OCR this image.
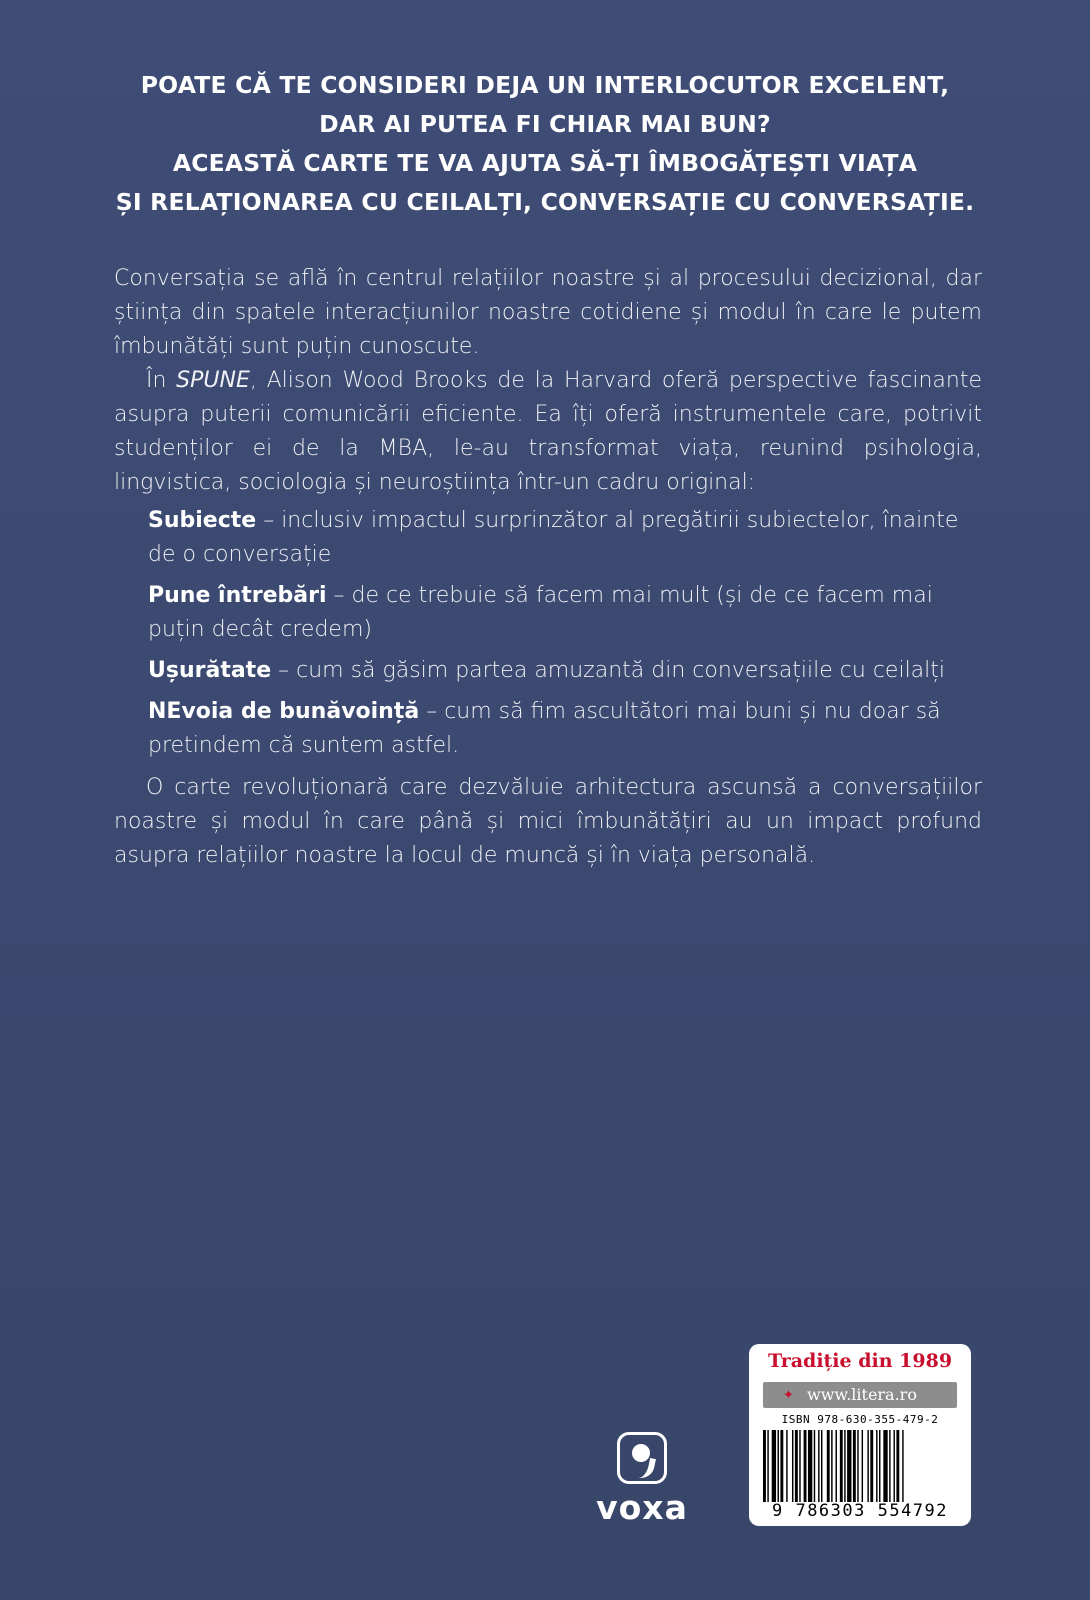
POATE CĂ TE CONSIDERI DEJA UN INTERLOCUTOR EXCELENT,
DAR AI PUTEA FI CHIAR MAI BUN?
ACEASTĂ CARTE TE VA AJUTA SĂ-ȚI ÎMBOGĂȚEȘTI VIAȚA
ȘI RELAȚIONAREA CU CEILALȚI, CONVERSAȚIE CU CONVERSAȚIE.

Conversația se află în centrul relațiilor noastre și al procesului decizional, dar știința din spatele interacțiunilor noastre cotidiene și modul în care le putem îmbunătăți sunt puțin cunoscute.

În SPUNE, Alison Wood Brooks de la Harvard oferă perspective fascinante asupra puterii comunicării eficiente. Ea îți oferă instrumentele care, potrivit studenților ei de la MBA, le-au transformat viața, reunind psihologia, lingvistica, sociologia și neuroștiința într-un cadru original:

Subiecte – inclusiv impactul surprinzător al pregătirii subiectelor, înainte de o conversație
Pune întrebări – de ce trebuie să facem mai mult (și de ce facem mai puțin decât credem)
Ușurătate – cum să găsim partea amuzantă din conversațiile cu ceilalți
NEvoia de bunăvoință – cum să fim ascultători mai buni și nu doar să pretindem că suntem astfel.

O carte revoluționară care dezvăluie arhitectura ascunsă a conversațiilor noastre și modul în care până și mici îmbunătățiri au un impact profund asupra relațiilor noastre la locul de muncă și în viața personală.

voxa
Tradiție din 1989
✦ www.litera.ro
ISBN 978-630-355-479-2
9 786303 554792
